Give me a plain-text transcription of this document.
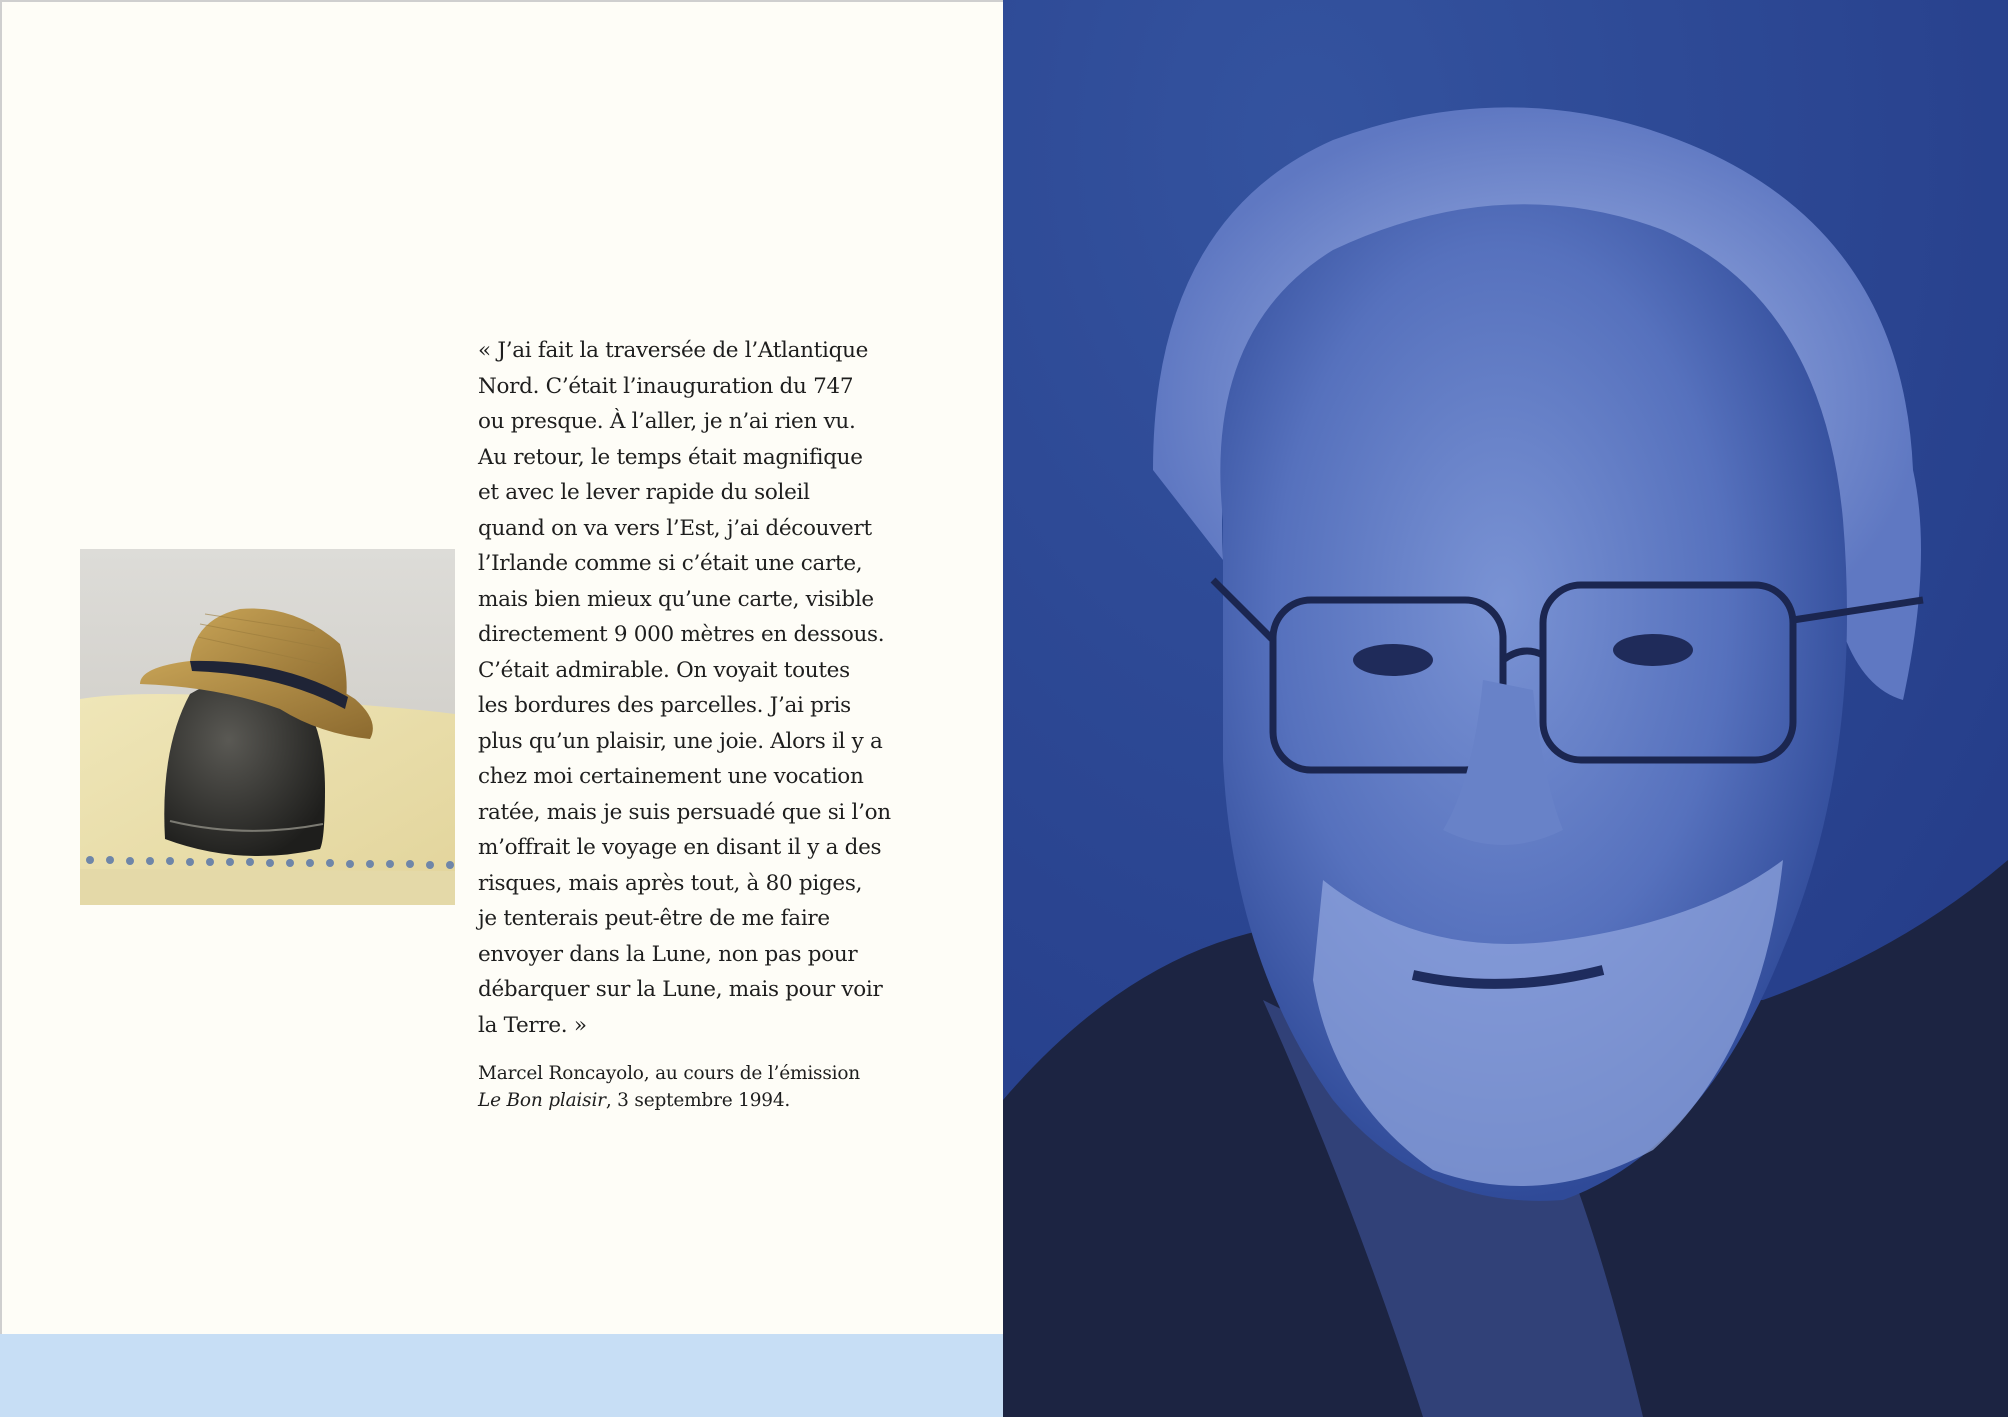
« J’ai fait la traversée de l’Atlantique
Nord. C’était l’inauguration du 747
ou presque. À l’aller, je n’ai rien vu.
Au retour, le temps était magnifique
et avec le lever rapide du soleil
quand on va vers l’Est, j’ai découvert
l’Irlande comme si c’était une carte,
mais bien mieux qu’une carte, visible
directement 9 000 mètres en dessous.
C’était admirable. On voyait toutes
les bordures des parcelles. J’ai pris
plus qu’un plaisir, une joie. Alors il y a
chez moi certainement une vocation
ratée, mais je suis persuadé que si l’on
m’offrait le voyage en disant il y a des
risques, mais après tout, à 80 piges,
je tenterais peut-être de me faire
envoyer dans la Lune, non pas pour
débarquer sur la Lune, mais pour voir
la Terre. »
Marcel Roncayolo, au cours de l’émission
Le Bon plaisir, 3 septembre 1994.
